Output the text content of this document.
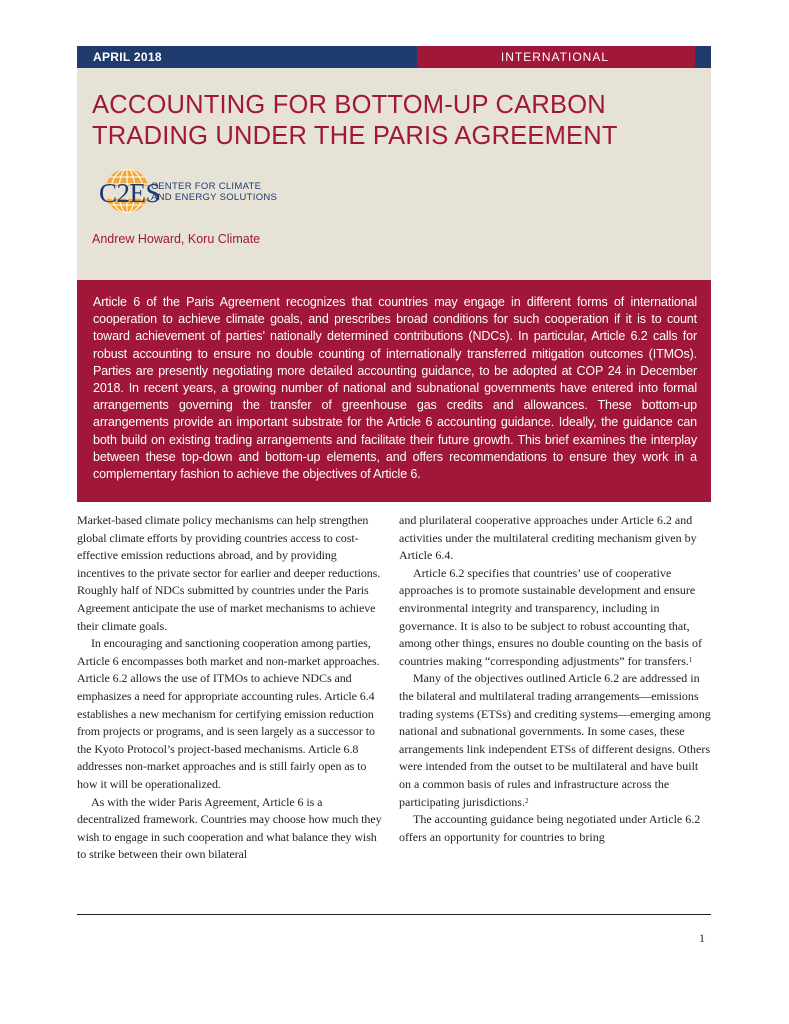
APRIL 2018	INTERNATIONAL
ACCOUNTING FOR BOTTOM-UP CARBON
TRADING UNDER THE PARIS AGREEMENT
C2ES
CENTER FOR CLIMATE
AND ENERGY SOLUTIONS
Andrew Howard, Koru Climate
Article 6 of the Paris Agreement recognizes that countries may engage in different forms of international cooperation to achieve climate goals, and prescribes broad conditions for such cooperation if it is to count toward achievement of parties’ nationally determined contributions (NDCs). In particular, Article 6.2 calls for robust accounting to ensure no double counting of internationally transferred mitigation outcomes (ITMOs). Parties are presently negotiating more detailed accounting guidance, to be adopted at COP 24 in December 2018. In recent years, a growing number of national and subnational governments have entered into formal arrangements governing the transfer of greenhouse gas credits and allowances. These bottom-up arrangements provide an important substrate for the Article 6 accounting guidance. Ideally, the guidance can both build on existing trading arrangements and facilitate their future growth. This brief examines the interplay between these top-down and bottom-up elements, and offers recommendations to ensure they work in a complementary fashion to achieve the objectives of Article 6.

Market-based climate policy mechanisms can help strengthen global climate efforts by providing countries access to cost-effective emission reductions abroad, and by providing incentives to the private sector for earlier and deeper reductions. Roughly half of NDCs submitted by countries under the Paris Agreement anticipate the use of market mechanisms to achieve their climate goals.

In encouraging and sanctioning cooperation among parties, Article 6 encompasses both market and non-market approaches. Article 6.2 allows the use of ITMOs to achieve NDCs and emphasizes a need for appropriate accounting rules. Article 6.4 establishes a new mechanism for certifying emission reduction from projects or programs, and is seen largely as a successor to the Kyoto Protocol’s project-based mechanisms. Article 6.8 addresses non-market approaches and is still fairly open as to how it will be operationalized.

As with the wider Paris Agreement, Article 6 is a decentralized framework. Countries may choose how much they wish to engage in such cooperation and what balance they wish to strike between their own bilateral

and plurilateral cooperative approaches under Article 6.2 and activities under the multilateral crediting mechanism given by Article 6.4.

Article 6.2 specifies that countries’ use of cooperative approaches is to promote sustainable development and ensure environmental integrity and transparency, including in governance. It is also to be subject to robust accounting that, among other things, ensures no double counting on the basis of countries making “corresponding adjustments” for transfers.$^1$

Many of the objectives outlined Article 6.2 are addressed in the bilateral and multilateral trading arrangements—emissions trading systems (ETSs) and crediting systems—emerging among national and subnational governments. In some cases, these arrangements link independent ETSs of different designs. Others were intended from the outset to be multilateral and have built on a common basis of rules and infrastructure across the participating jurisdictions.$^2$

The accounting guidance being negotiated under Article 6.2 offers an opportunity for countries to bring

1
